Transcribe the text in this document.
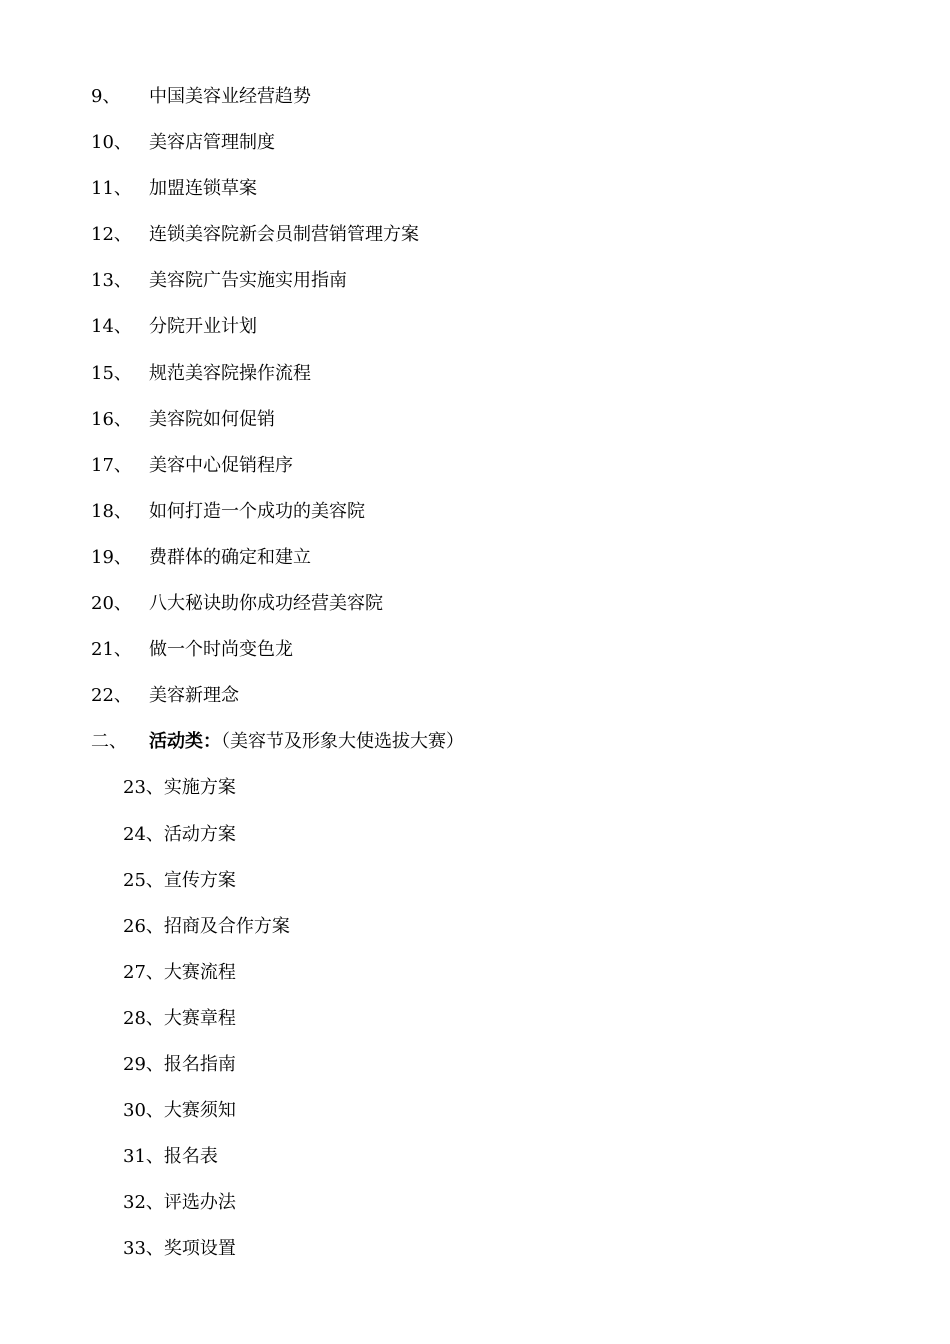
9、 中国美容业经营趋势
10、 美容店管理制度
11、 加盟连锁草案
12、 连锁美容院新会员制营销管理方案
13、 美容院广告实施实用指南
14、 分院开业计划
15、 规范美容院操作流程
16、 美容院如何促销
17、 美容中心促销程序
18、 如何打造一个成功的美容院
19、 费群体的确定和建立
20、 八大秘诀助你成功经营美容院
21、 做一个时尚变色龙
22、 美容新理念
二、 活动类：（美容节及形象大使选拔大赛）
23、实施方案
24、活动方案
25、宣传方案
26、招商及合作方案
27、大赛流程
28、大赛章程
29、报名指南
30、大赛须知
31、报名表
32、评选办法
33、奖项设置
